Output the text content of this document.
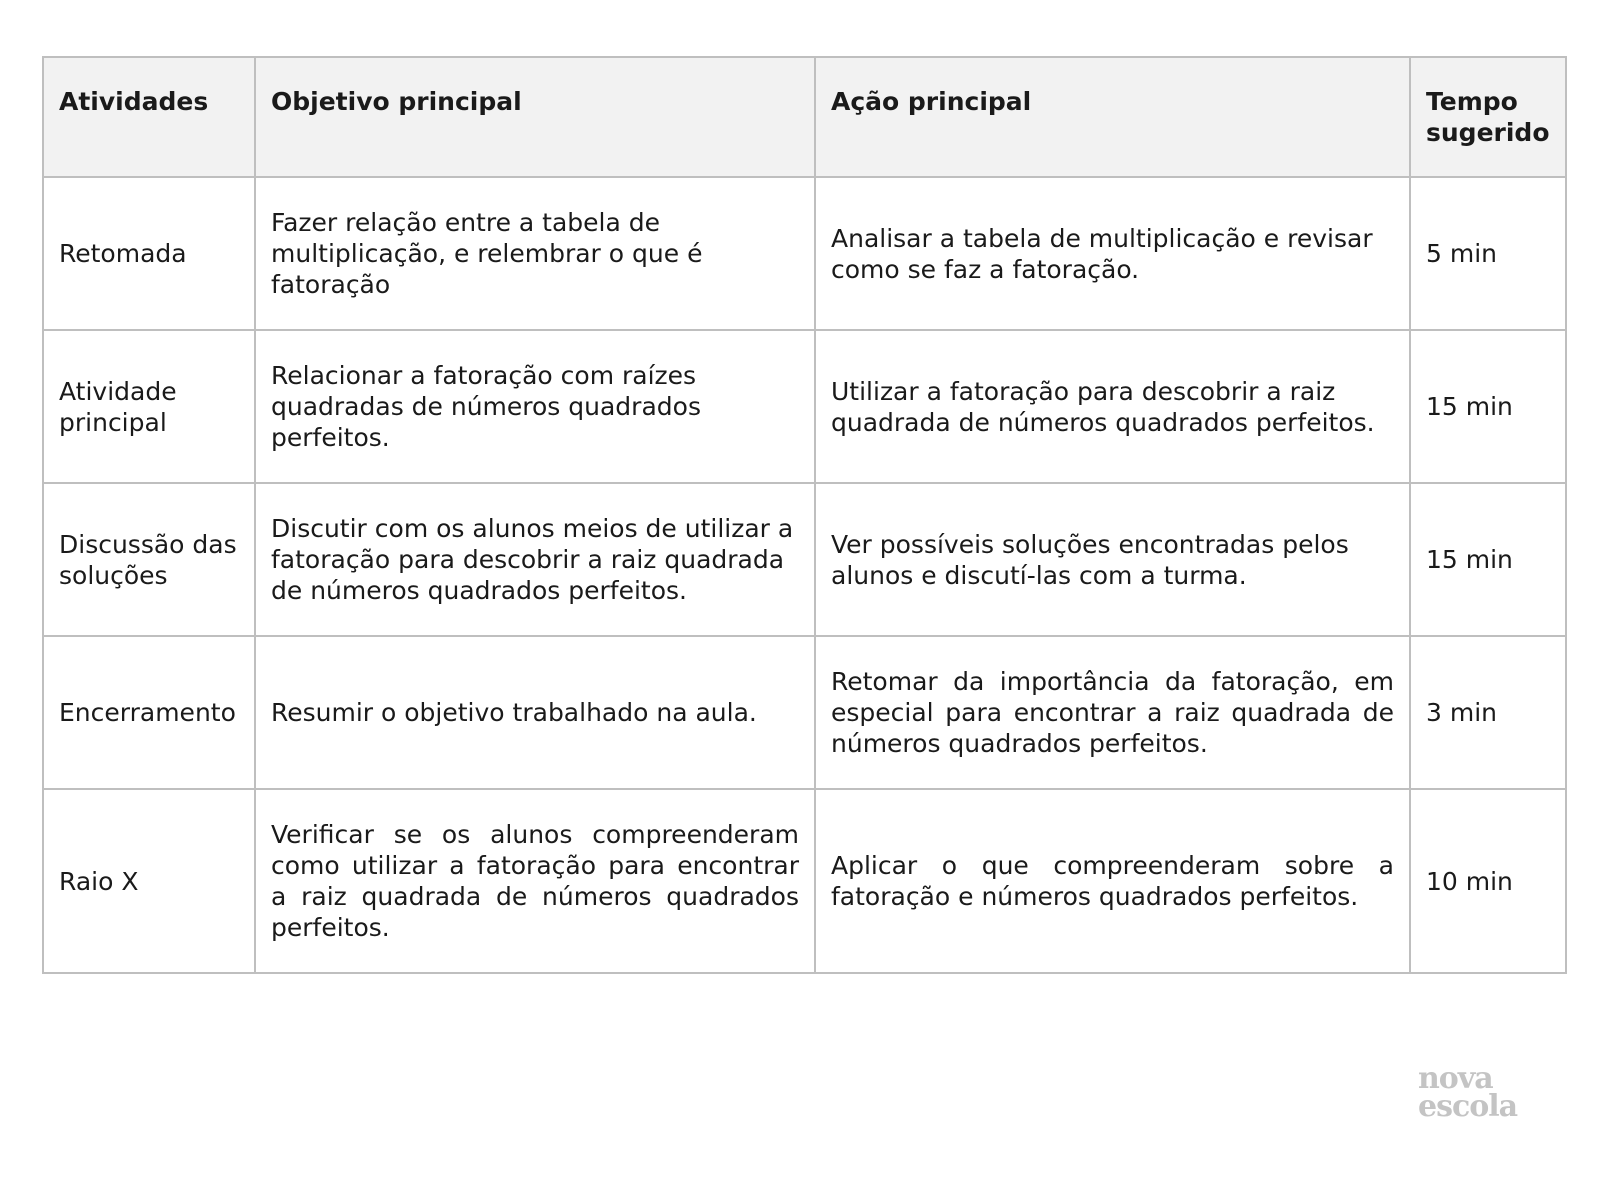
Atividades	Objetivo principal	Ação principal	Tempo sugerido
Retomada	Fazer relação entre a tabela de multiplicação, e relembrar o que é fatoração	Analisar a tabela de multiplicação e revisar como se faz a fatoração.	5 min
Atividade principal	Relacionar a fatoração com raízes quadradas de números quadrados perfeitos.	Utilizar a fatoração para descobrir a raiz quadrada de números quadrados perfeitos.	15 min
Discussão das soluções	Discutir com os alunos meios de utilizar a fatoração para descobrir a raiz quadrada de números quadrados perfeitos.	Ver possíveis soluções encontradas pelos alunos e discutí-las com a turma.	15 min
Encerramento	Resumir o objetivo trabalhado na aula.	Retomar da importância da fatoração, em especial para encontrar a raiz quadrada de números quadrados perfeitos.	3 min
Raio X	Verificar se os alunos compreenderam como utilizar a fatoração para encontrar a raiz quadrada de números quadrados perfeitos.	Aplicar o que compreenderam sobre a fatoração e números quadrados perfeitos.	10 min
nova
escola
